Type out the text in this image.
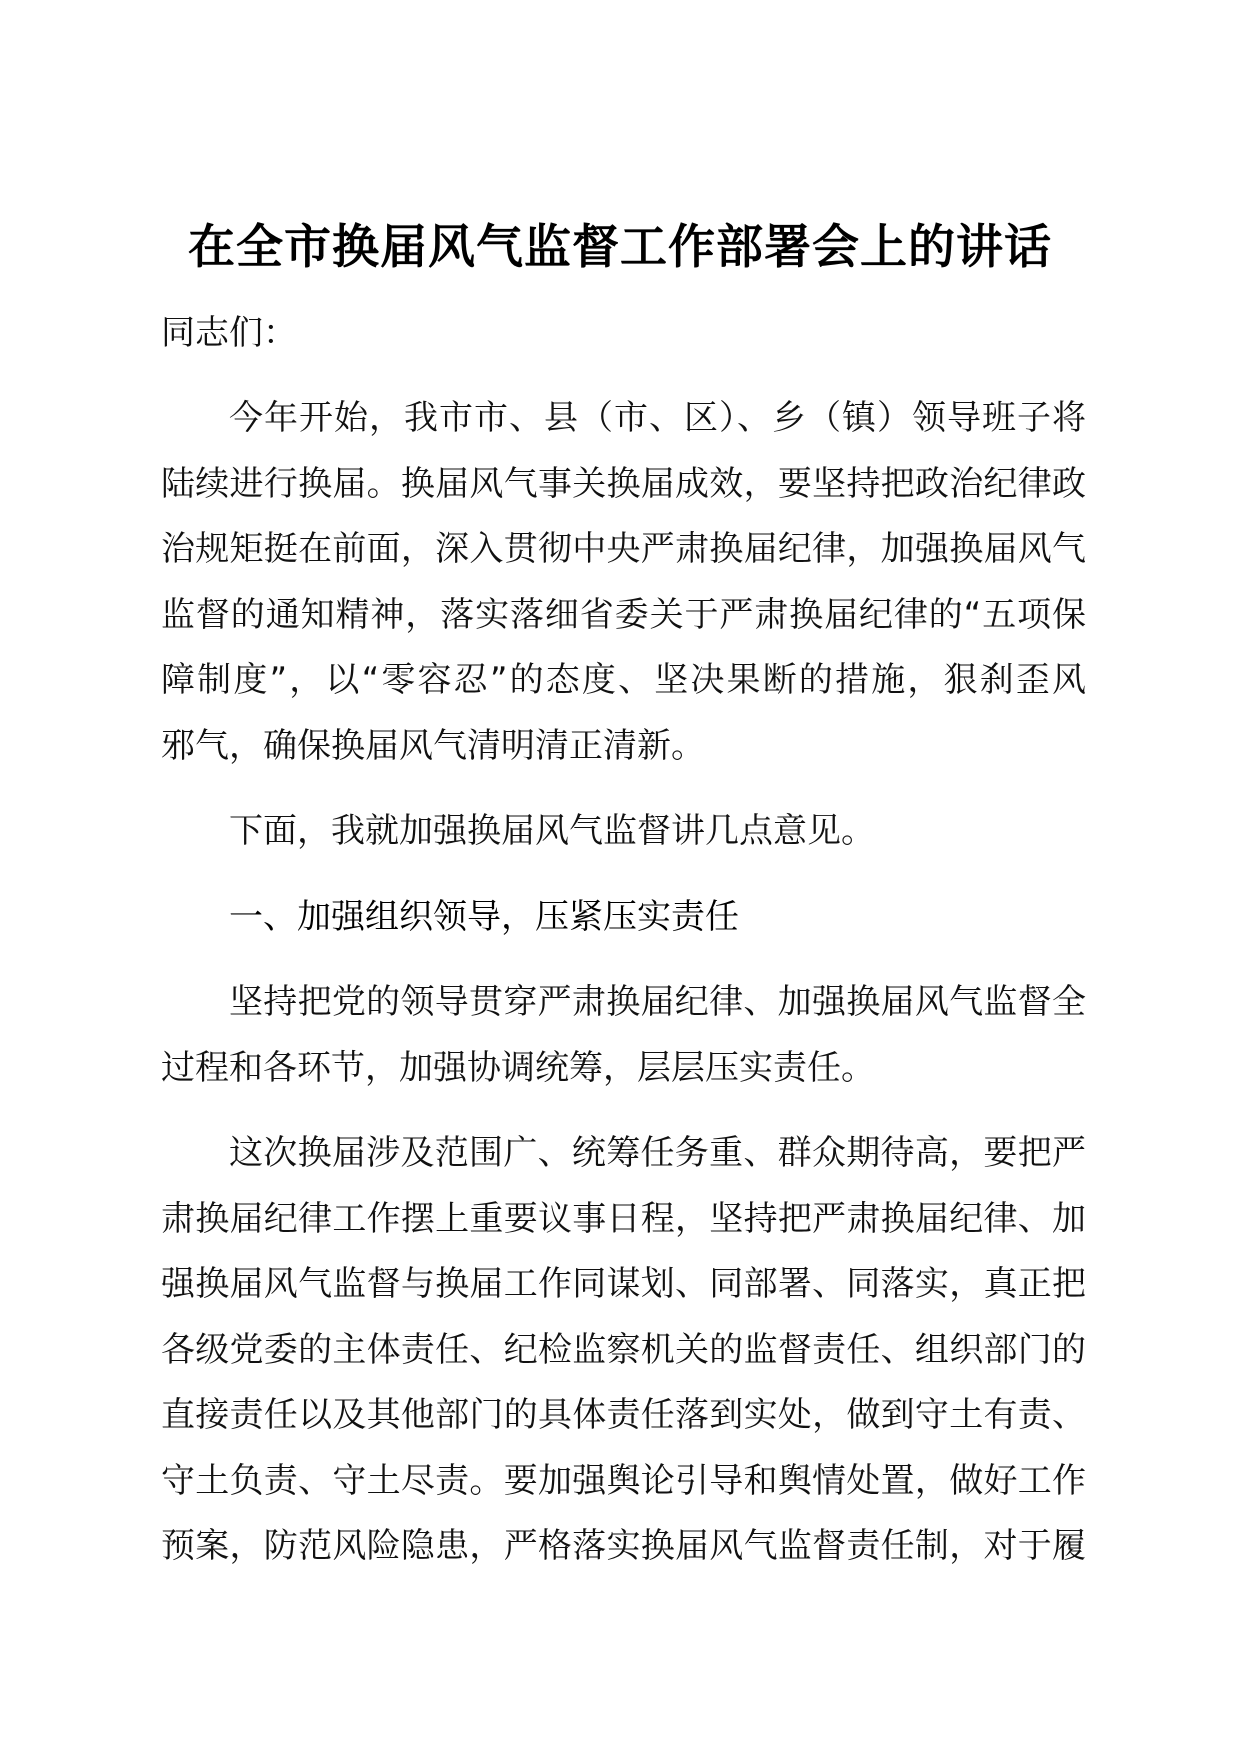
在全市换届风气监督工作部署会上的讲话
同志们：
今年开始，我市市、县（市、区）、乡（镇）领导班子将
陆续进行换届。换届风气事关换届成效，要坚持把政治纪律政
治规矩挺在前面，深入贯彻中央严肃换届纪律，加强换届风气
监督的通知精神，落实落细省委关于严肃换届纪律的“五项保
障制度”，以“零容忍”的态度、坚决果断的措施，狠刹歪风
邪气，确保换届风气清明清正清新。
下面，我就加强换届风气监督讲几点意见。
一、加强组织领导，压紧压实责任
坚持把党的领导贯穿严肃换届纪律、加强换届风气监督全
过程和各环节，加强协调统筹，层层压实责任。
这次换届涉及范围广、统筹任务重、群众期待高，要把严
肃换届纪律工作摆上重要议事日程，坚持把严肃换届纪律、加
强换届风气监督与换届工作同谋划、同部署、同落实，真正把
各级党委的主体责任、纪检监察机关的监督责任、组织部门的
直接责任以及其他部门的具体责任落到实处，做到守土有责、
守土负责、守土尽责。要加强舆论引导和舆情处置，做好工作
预案，防范风险隐患，严格落实换届风气监督责任制，对于履
